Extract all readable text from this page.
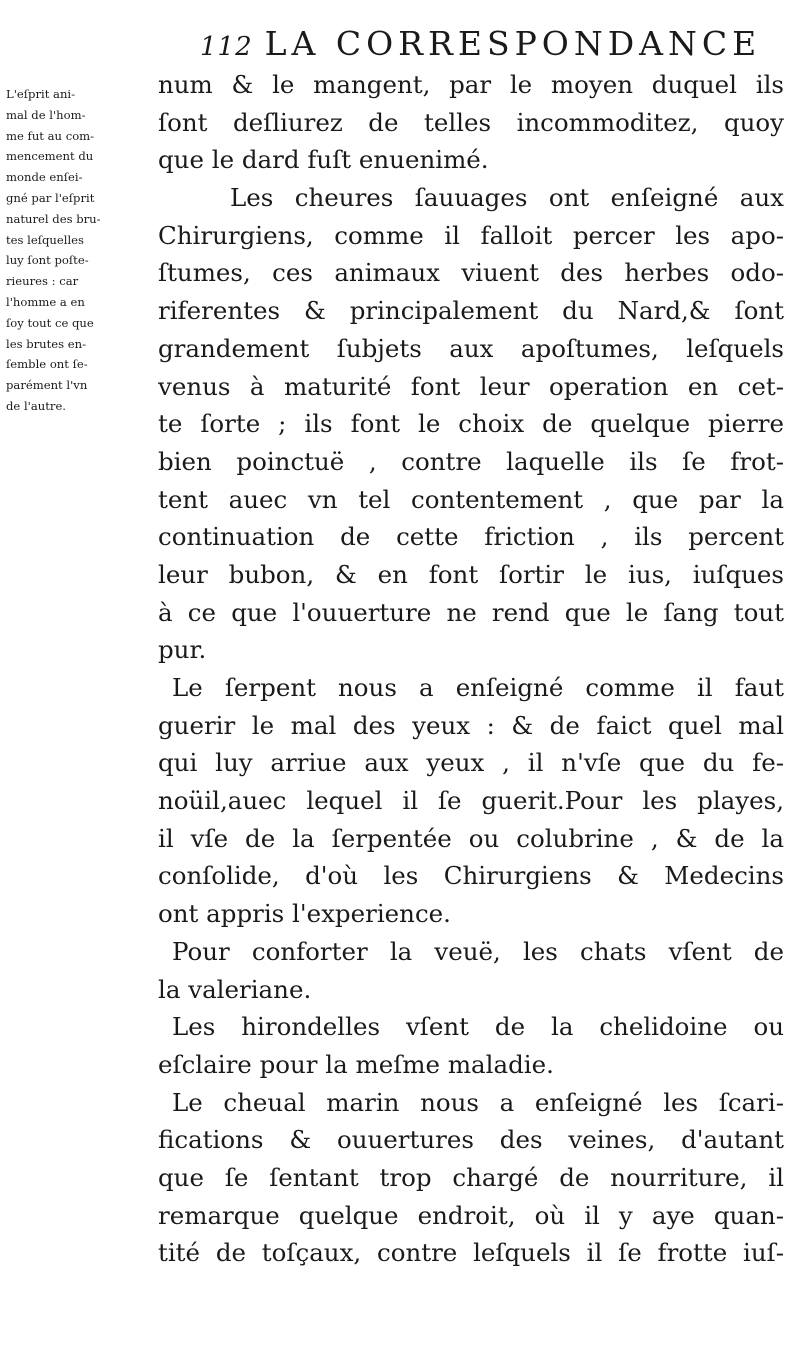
112 LA CORRESPONDANCE
L'eſprit ani-
mal de l'hom-
me fut au com-
mencement du
monde enſei-
gné par l'eſprit
naturel des bru-
tes leſquelles
luy ſont poſte-
rieures : car
l'homme a en
ſoy tout ce que
les brutes en-
ſemble ont ſe-
parément l'vn
de l'autre.
num & le mangent, par le moyen duquel ils
ſont deſliurez de telles incommoditez, quoy
que le dard fuſt enuenimé.
Les cheures ſauuages ont enſeigné aux
Chirurgiens, comme il falloit percer les apo-
ſtumes, ces animaux viuent des herbes odo-
riferentes & principalement du Nard,& ſont
grandement ſubjets aux apoſtumes, leſquels
venus à maturité font leur operation en cet-
te ſorte ; ils font le choix de quelque pierre
bien poinctuë , contre laquelle ils ſe frot-
tent auec vn tel contentement , que par la
continuation de cette friction , ils percent
leur bubon, & en font ſortir le ius, iuſques
à ce que l'ouuerture ne rend que le ſang tout
pur.
Le ſerpent nous a enſeigné comme il faut
guerir le mal des yeux : & de faict quel mal
qui luy arriue aux yeux , il n'vſe que du fe-
noüil,auec lequel il ſe guerit.Pour les playes,
il vſe de la ſerpentée ou colubrine , & de la
conſolide, d'où les Chirurgiens & Medecins
ont appris l'experience.
Pour conforter la veuë, les chats vſent de
la valeriane.
Les hirondelles vſent de la chelidoine ou
eſclaire pour la meſme maladie.
Le cheual marin nous a enſeigné les ſcari-
fications & ouuertures des veines, d'autant
que ſe ſentant trop chargé de nourriture, il
remarque quelque endroit, où il y aye quan-
tité de toſçaux, contre leſquels il ſe frotte iuſ-
